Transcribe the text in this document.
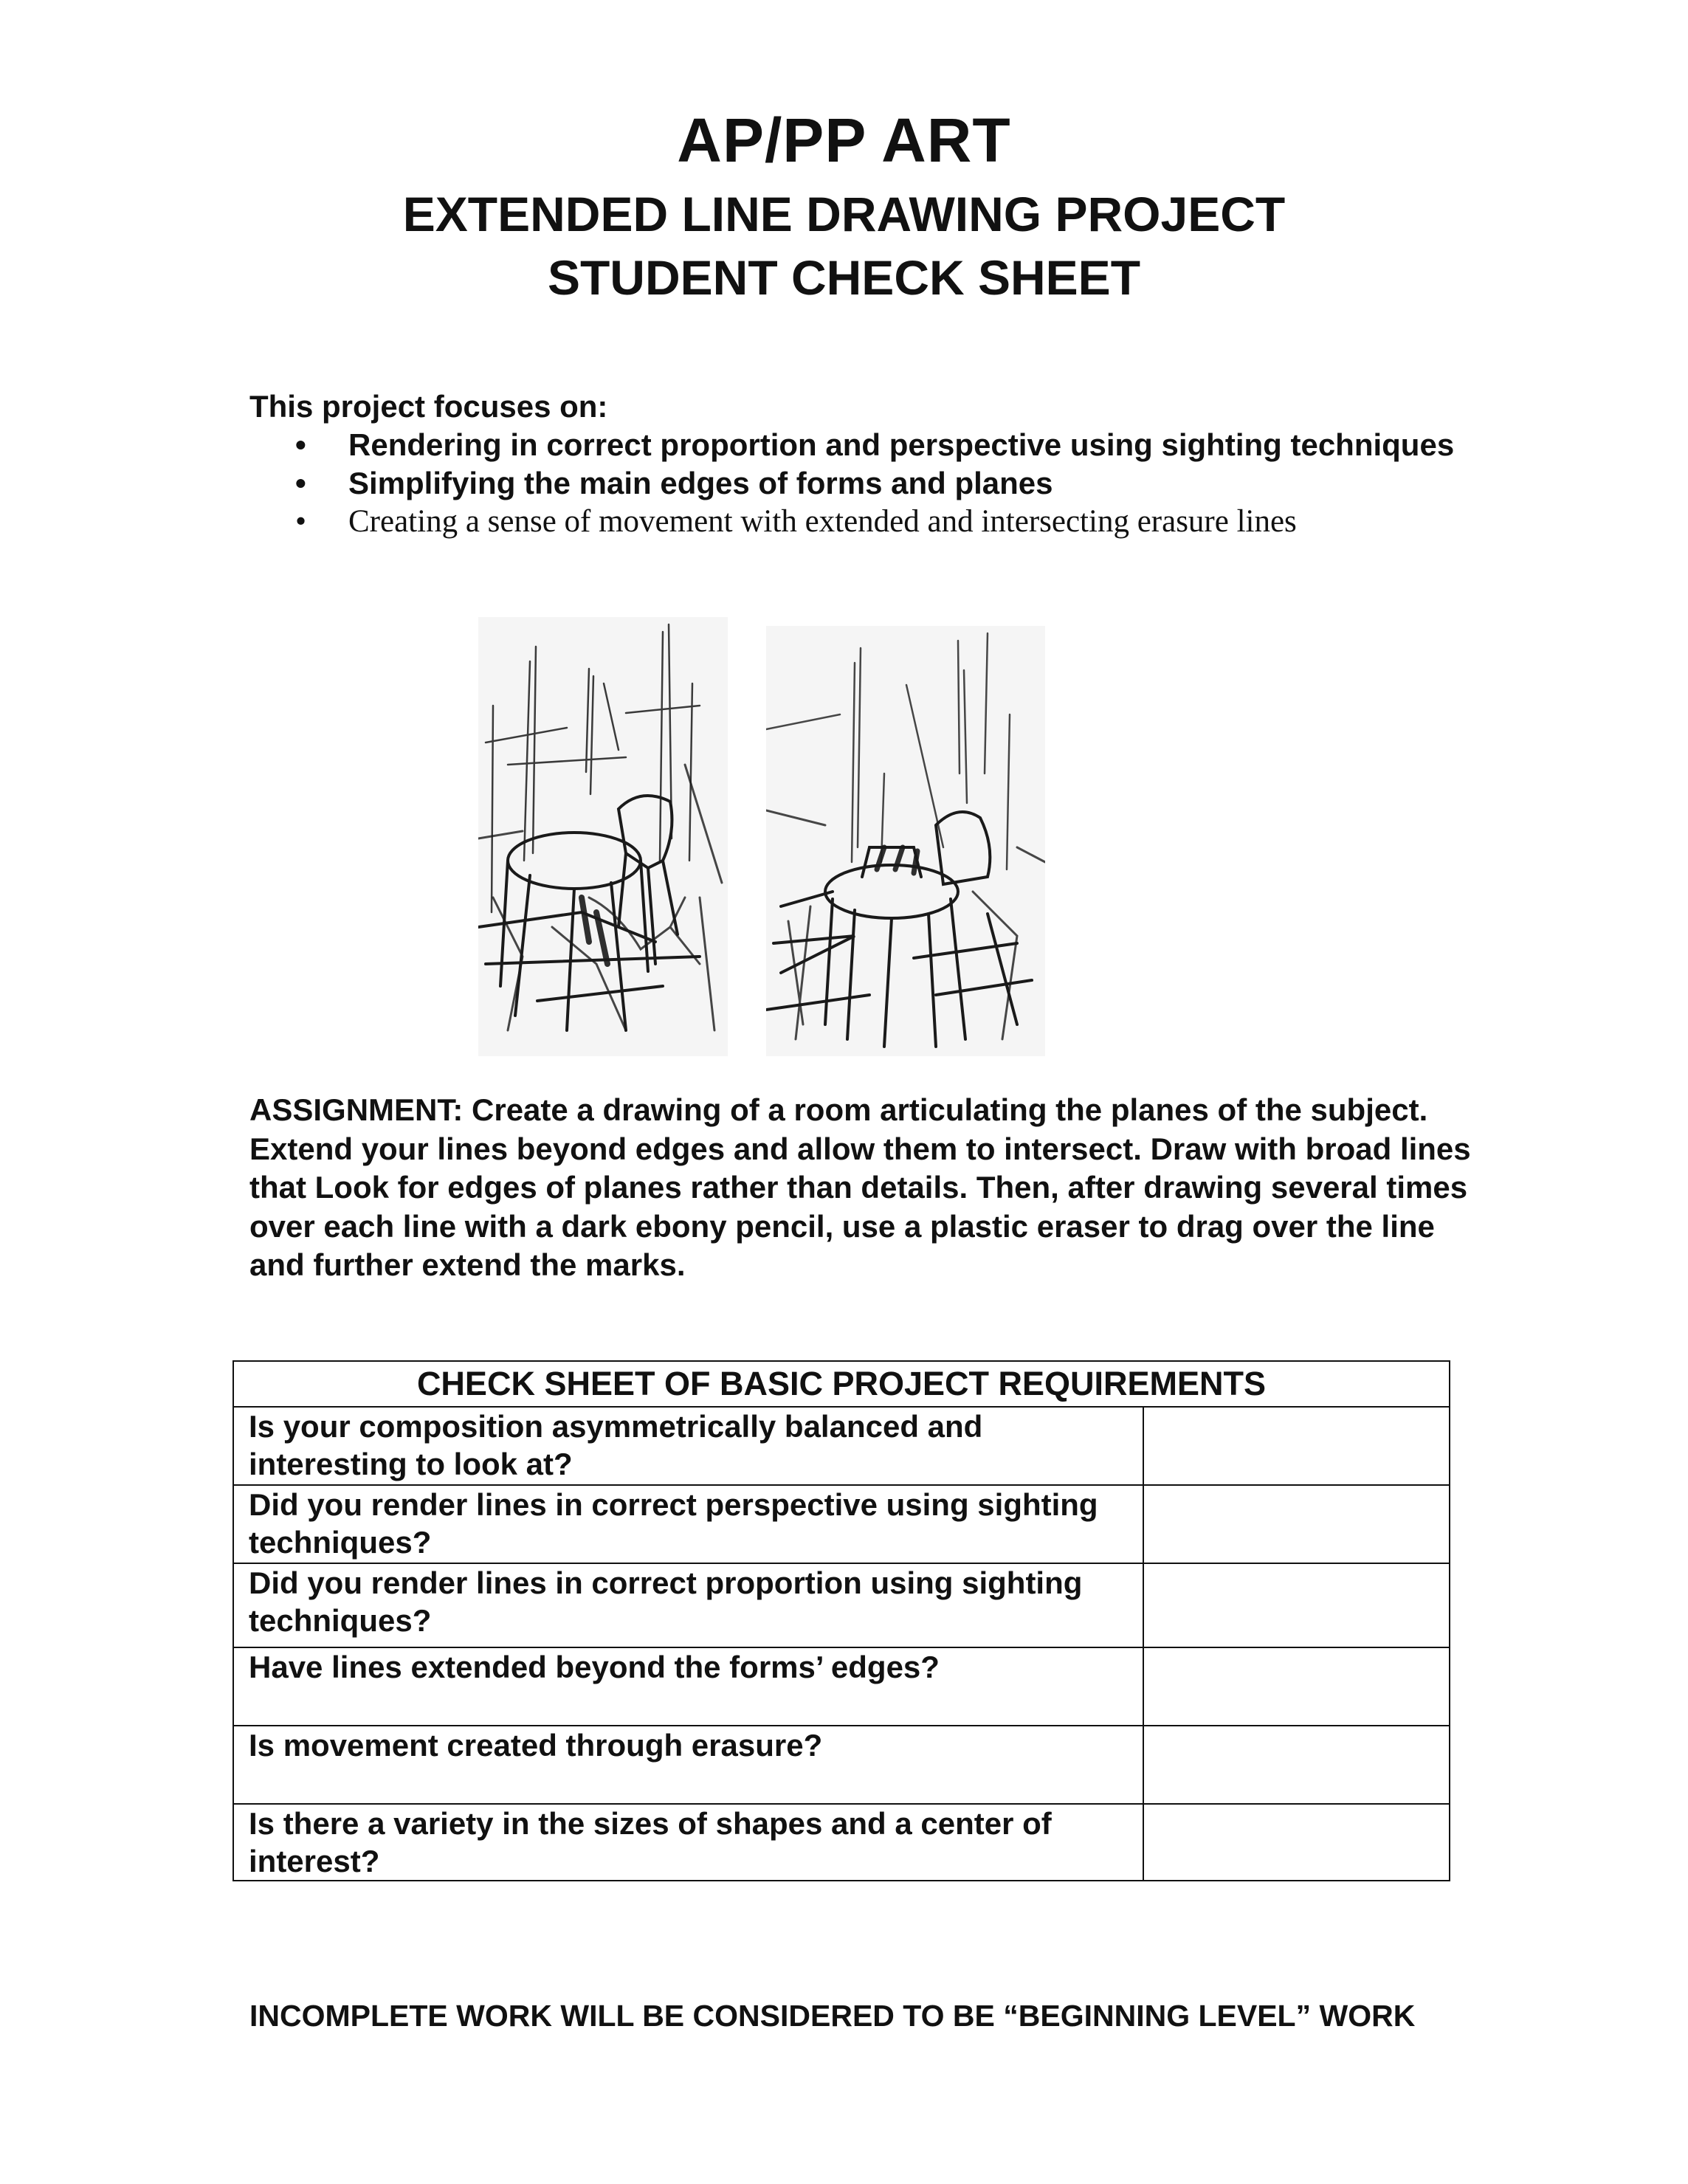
AP/PP ART
EXTENDED LINE DRAWING PROJECT
STUDENT CHECK SHEET
This project focuses on:
• Rendering in correct proportion and perspective using sighting techniques
• Simplifying the main edges of forms and planes
• Creating a sense of movement with extended and intersecting erasure lines

ASSIGNMENT: Create a drawing of a room articulating the planes of the subject. Extend your lines beyond edges and allow them to intersect. Draw with broad lines that Look for edges of planes rather than details. Then, after drawing several times over each line with a dark ebony pencil, use a plastic eraser to drag over the line and further extend the marks.

CHECK SHEET OF BASIC PROJECT REQUIREMENTS	
Is your composition asymmetrically balanced and interesting to look at?	
Did you render lines in correct perspective using sighting techniques?	
Did you render lines in correct proportion using sighting techniques?	
Have lines extended beyond the forms’ edges?	
Is movement created through erasure?	
Is there a variety in the sizes of shapes and a center of interest?	
INCOMPLETE WORK WILL BE CONSIDERED TO BE “BEGINNING LEVEL” WORK
